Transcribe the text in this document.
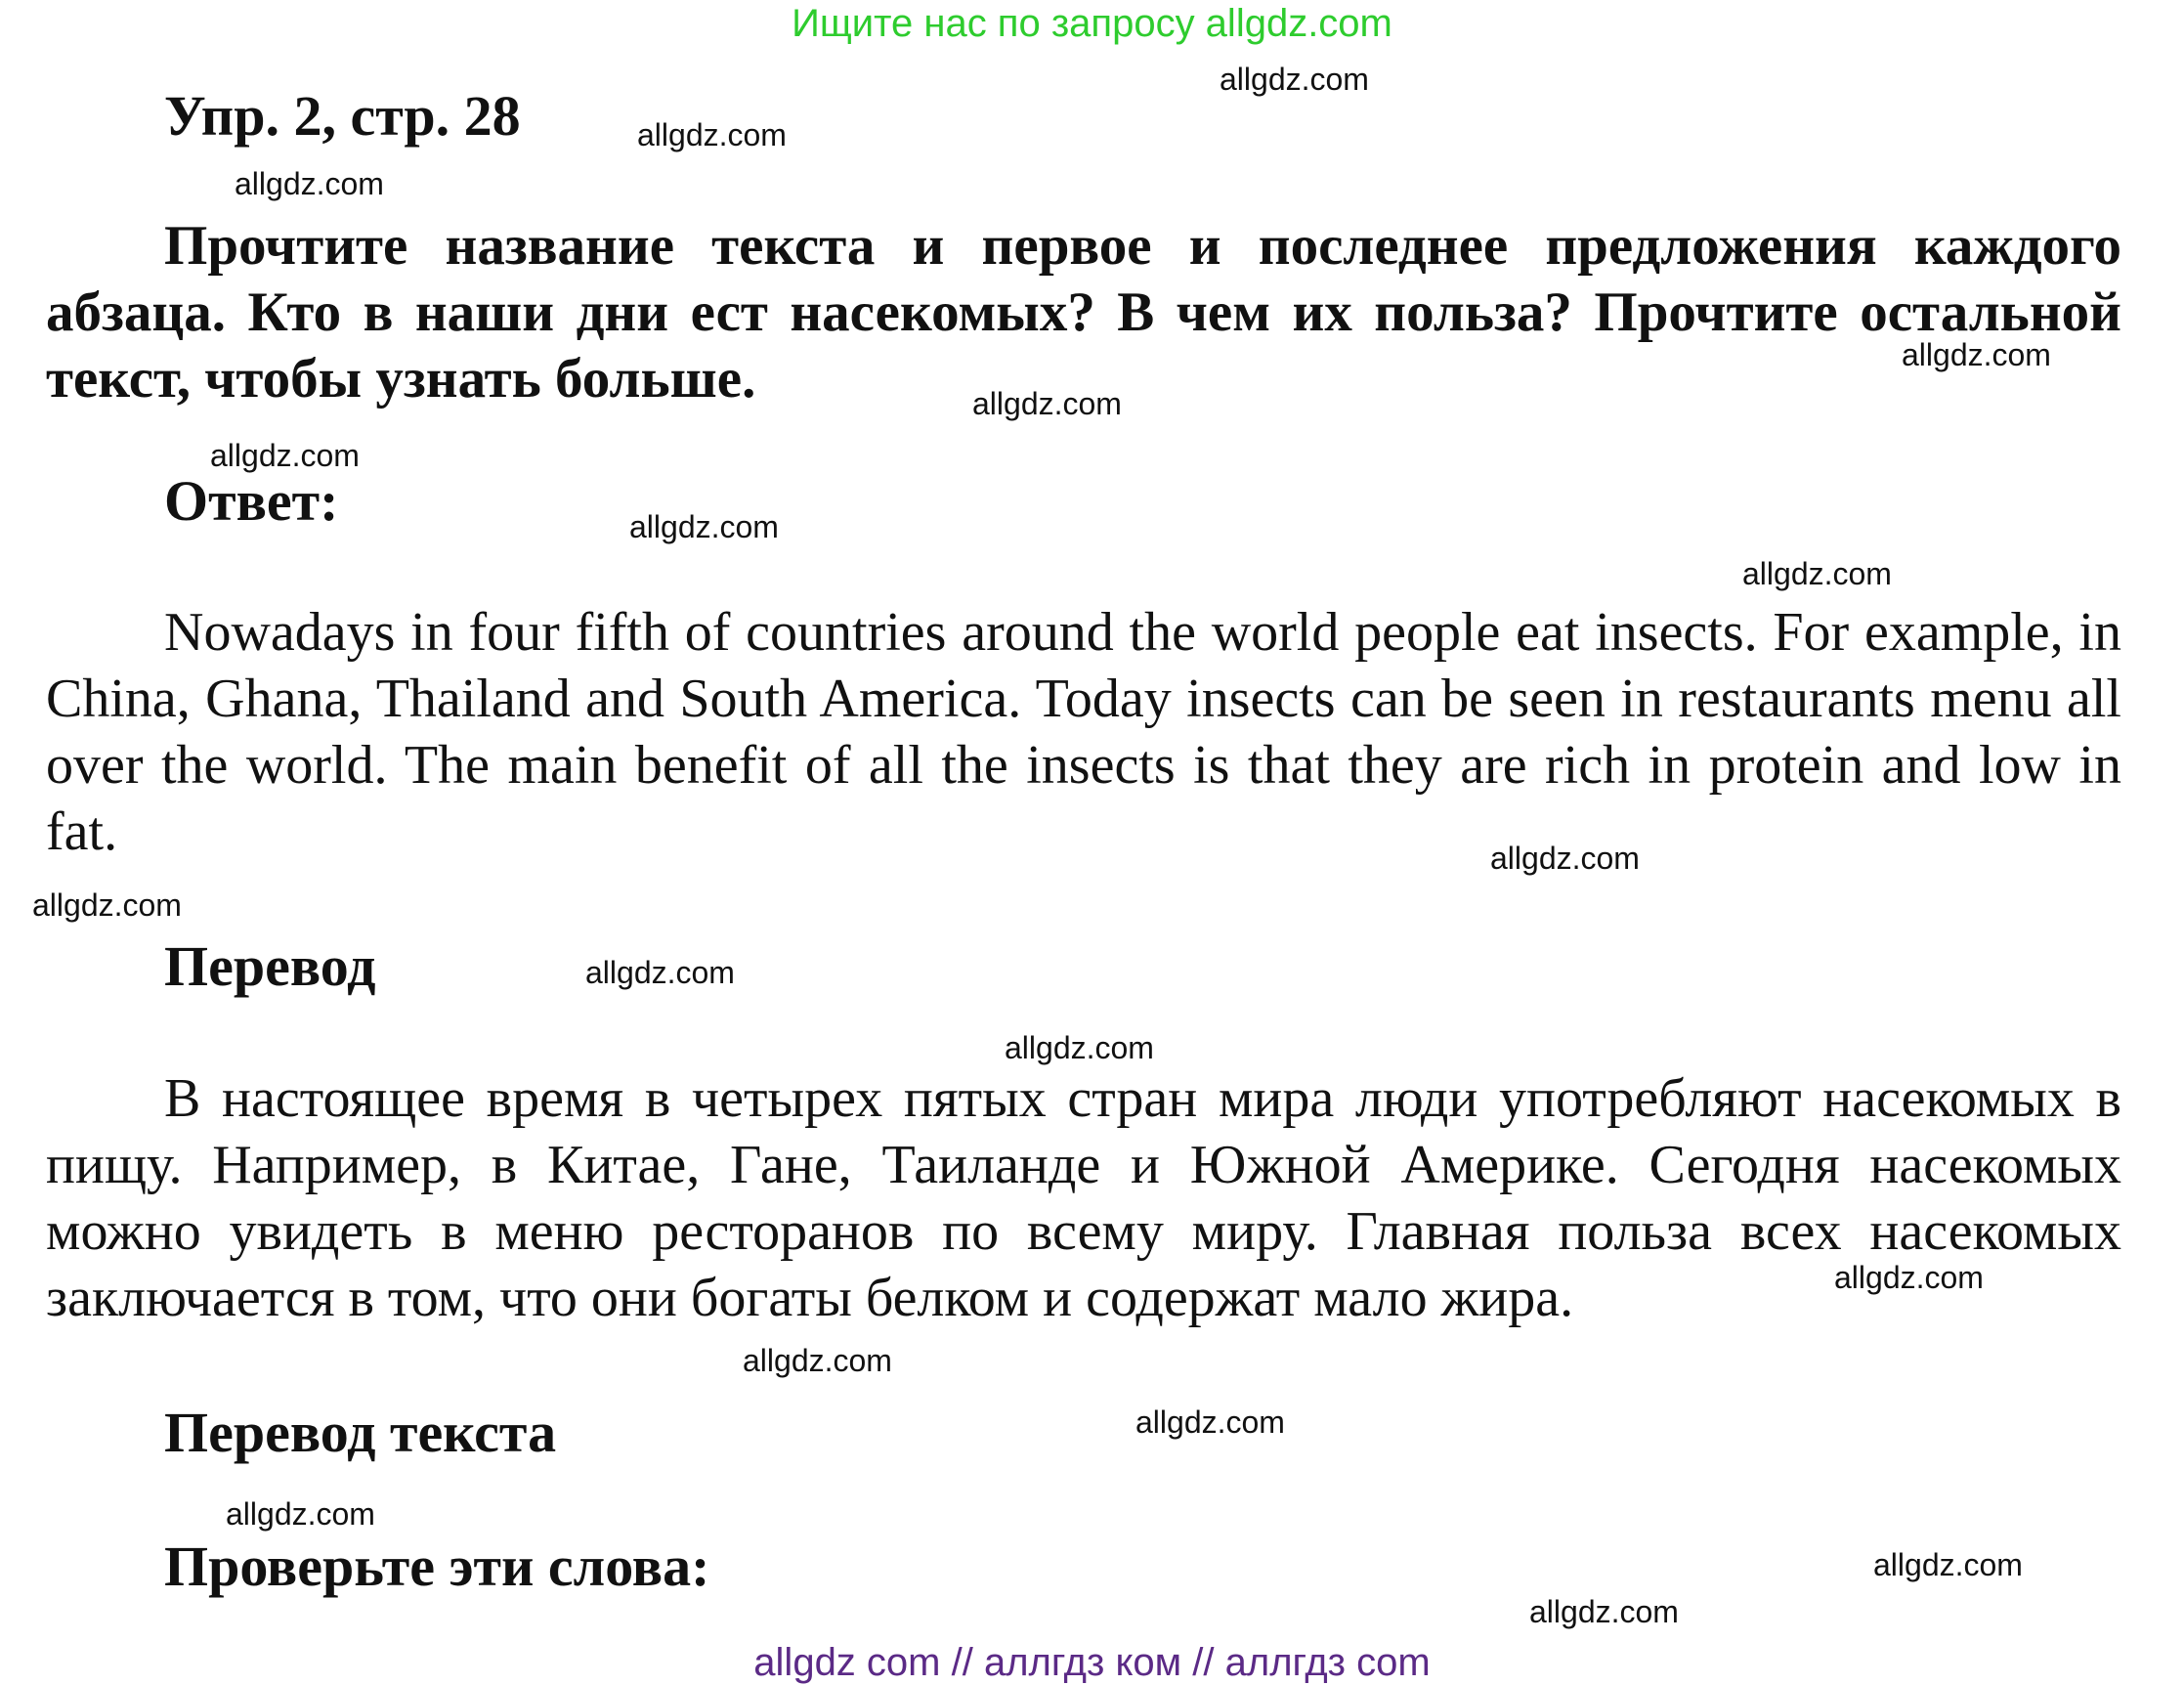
Ищите нас по запросу allgdz.com
Упр. 2, стр. 28
Прочтите название текста и первое и последнее предложения каждого абзаца. Кто в наши дни ест насекомых? В чем их польза? Прочтите остальной текст, чтобы узнать больше.
Ответ:
Nowadays in four fifth of countries around the world people eat insects. For example, in China, Ghana, Thailand and South America. Today insects can be seen in restaurants menu all over the world. The main benefit of all the insects is that they are rich in protein and low in fat.
Перевод
В настоящее время в четырех пятых стран мира люди употребляют насекомых в пищу. Например, в Китае, Гане, Таиланде и Южной Америке. Сегодня насекомых можно увидеть в меню ресторанов по всему миру. Главная польза всех насекомых заключается в том, что они богаты белком и содержат мало жира.
Перевод текста
Проверьте эти слова:
allgdz.com
allgdz.com
allgdz.com
allgdz.com
allgdz.com
allgdz.com
allgdz.com
allgdz.com
allgdz.com
allgdz.com
allgdz.com
allgdz.com
allgdz.com
allgdz.com
allgdz.com
allgdz.com
allgdz.com
allgdz.com
allgdz com // аллгдз ком // аллгдз com
